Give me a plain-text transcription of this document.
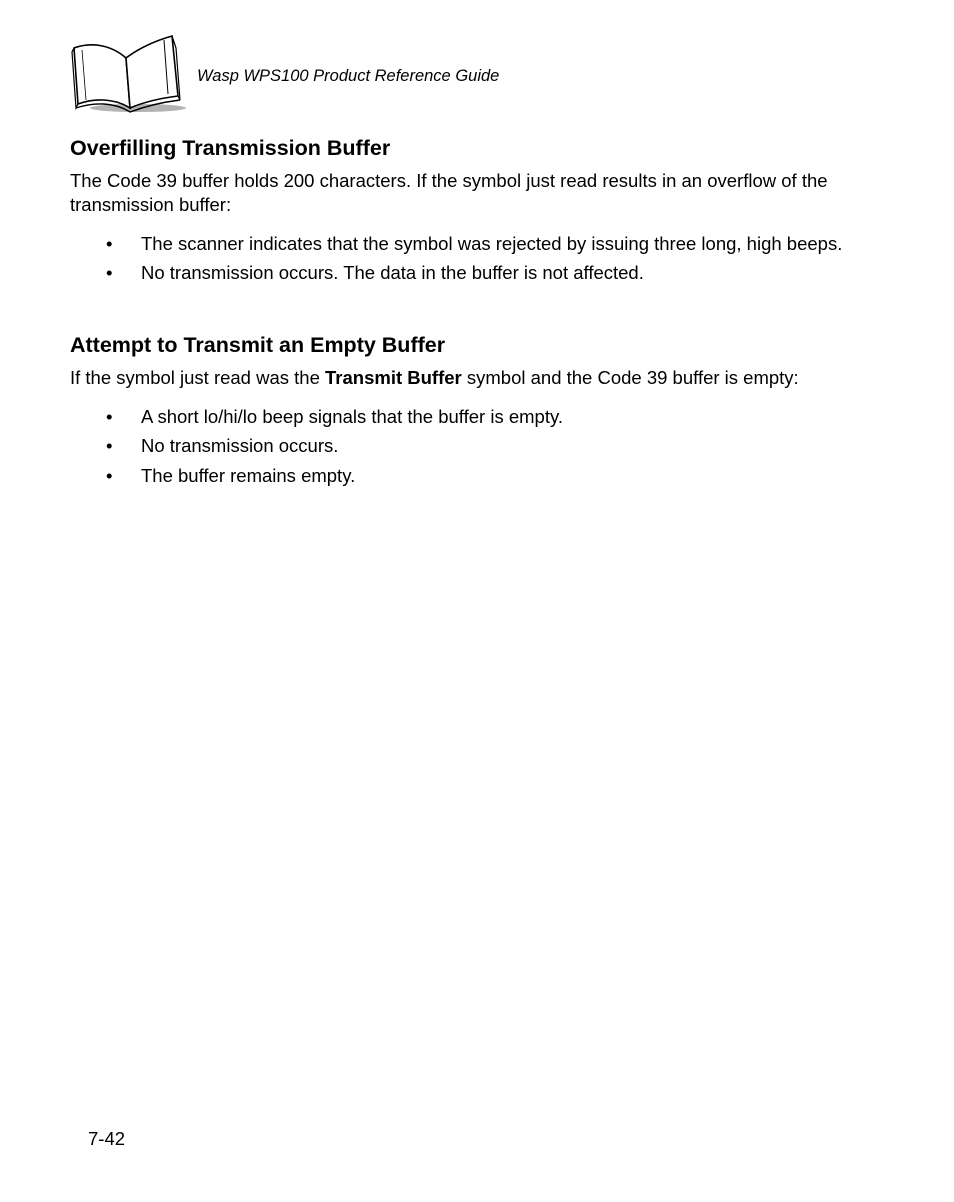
Wasp WPS100 Product Reference Guide
Overfilling Transmission Buffer

The Code 39 buffer holds 200 characters. If the symbol just read results in an overflow of the transmission buffer:

• The scanner indicates that the symbol was rejected by issuing three long, high beeps.
• No transmission occurs. The data in the buffer is not affected.
Attempt to Transmit an Empty Buffer

If the symbol just read was the Transmit Buffer symbol and the Code 39 buffer is empty:

• A short lo/hi/lo beep signals that the buffer is empty.
• No transmission occurs.
• The buffer remains empty.
7-42
